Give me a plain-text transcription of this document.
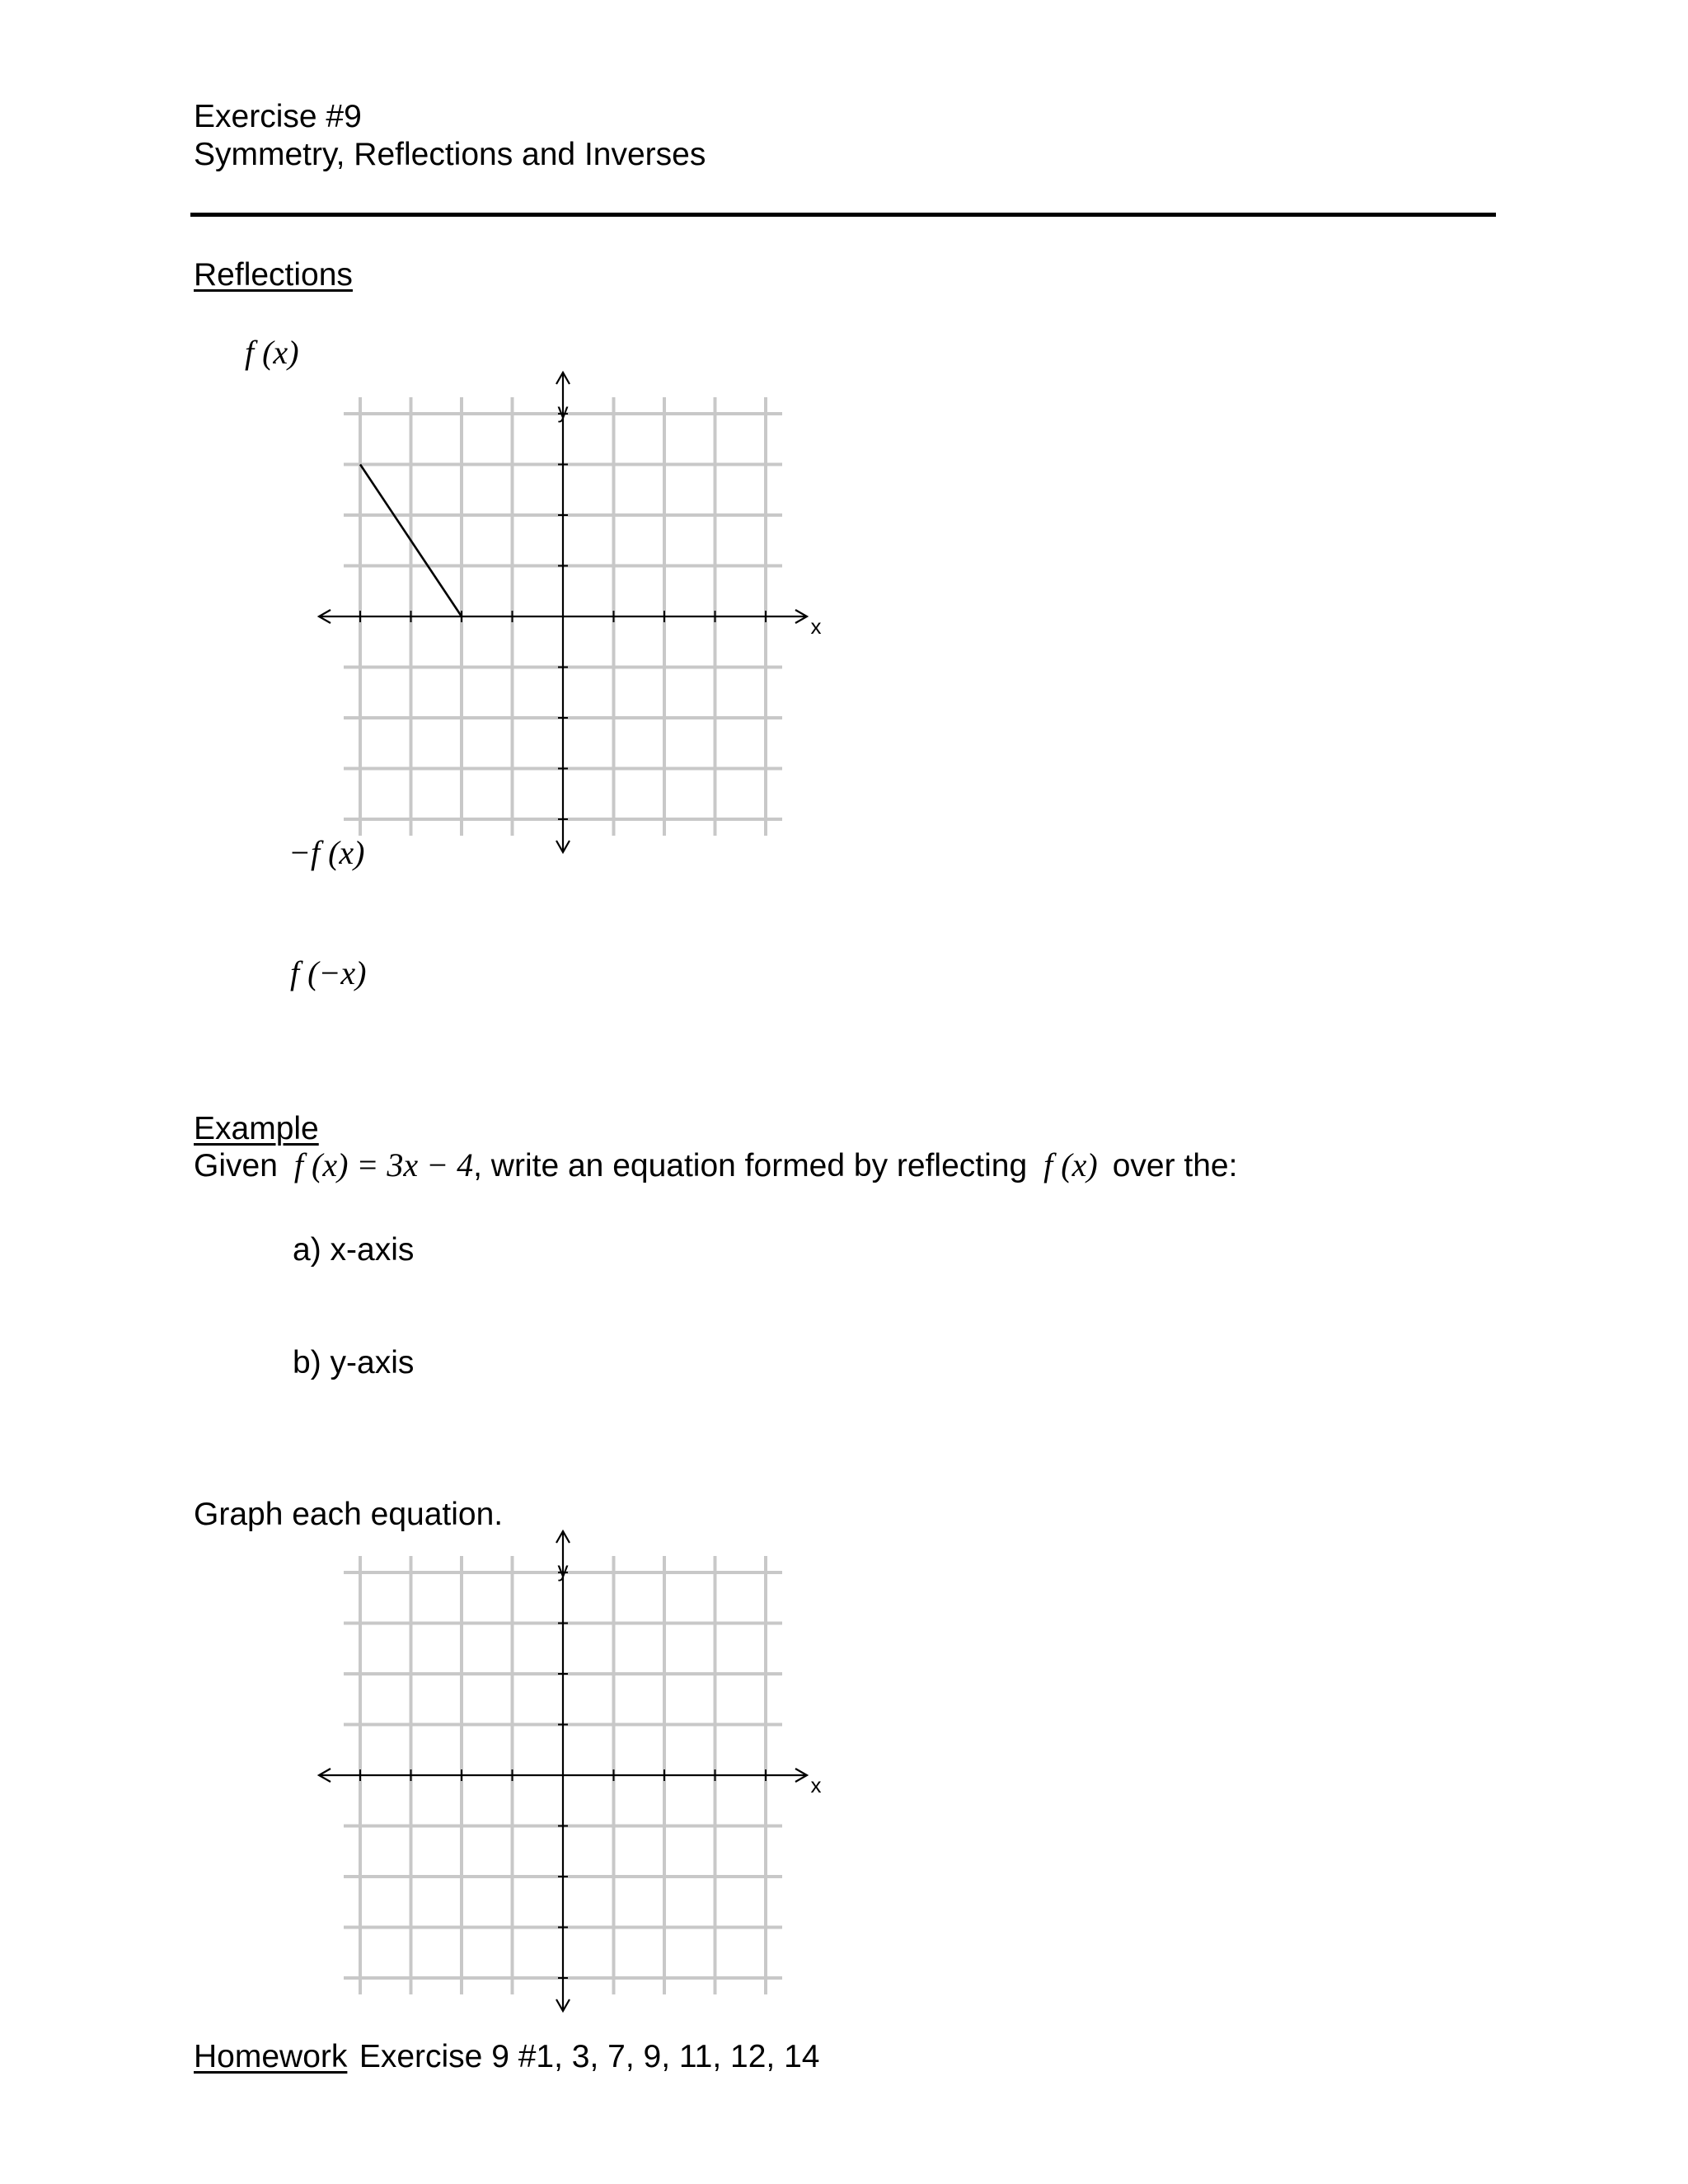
Exercise #9
Symmetry, Reflections and Inverses
Reflections
f (x)
x
y
−f (x)
f (−x)
Example
Given f (x) = 3x − 4 , write an equation formed by reflecting f (x) over the:
a) x-axis
b) y-axis
Graph each equation.
x
y
Homework Exercise 9 #1, 3, 7, 9, 11, 12, 14
